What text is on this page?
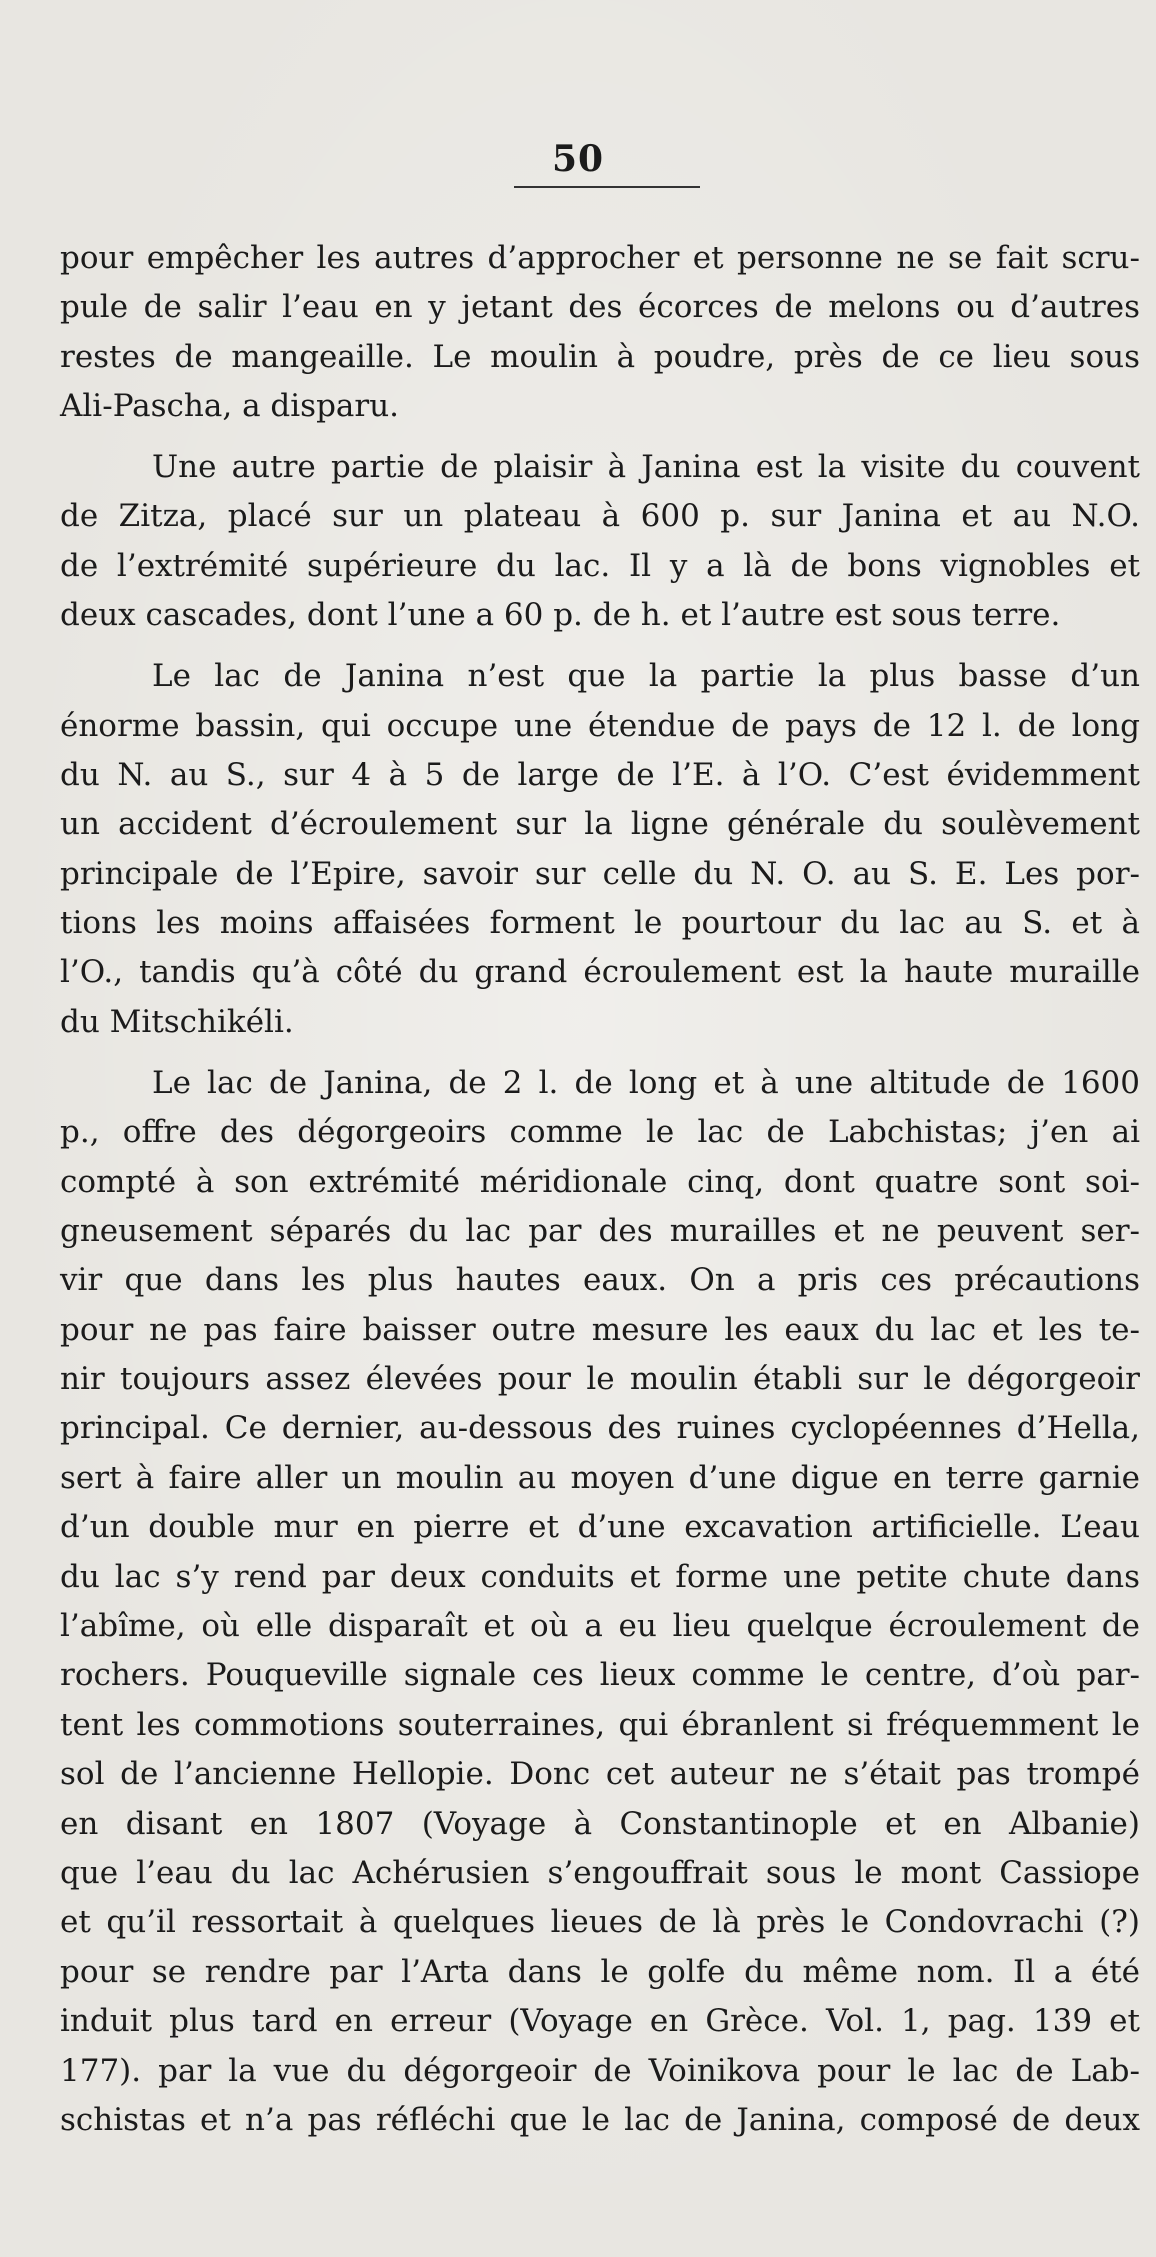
50

pour empêcher les autres d’approcher et personne ne se fait scru-
pule de salir l’eau en y jetant des écorces de melons ou d’autres
restes de mangeaille. Le moulin à poudre, près de ce lieu sous
Ali-Pascha, a disparu.

Une autre partie de plaisir à Janina est la visite du couvent
de Zitza, placé sur un plateau à 600 p. sur Janina et au N.O.
de l’extrémité supérieure du lac. Il y a là de bons vignobles et
deux cascades, dont l’une a 60 p. de h. et l’autre est sous terre.

Le lac de Janina n’est que la partie la plus basse d’un
énorme bassin, qui occupe une étendue de pays de 12 l. de long
du N. au S., sur 4 à 5 de large de l’E. à l’O. C’est évidemment
un accident d’écroulement sur la ligne générale du soulèvement
principale de l’Epire, savoir sur celle du N. O. au S. E. Les por-
tions les moins affaisées forment le pourtour du lac au S. et à
l’O., tandis qu’à côté du grand écroulement est la haute muraille
du Mitschikéli.

Le lac de Janina, de 2 l. de long et à une altitude de 1600
p., offre des dégorgeoirs comme le lac de Labchistas; j’en ai
compté à son extrémité méridionale cinq, dont quatre sont soi-
gneusement séparés du lac par des murailles et ne peuvent ser-
vir que dans les plus hautes eaux. On a pris ces précautions
pour ne pas faire baisser outre mesure les eaux du lac et les te-
nir toujours assez élevées pour le moulin établi sur le dégorgeoir
principal. Ce dernier, au-dessous des ruines cyclopéennes d’Hella,
sert à faire aller un moulin au moyen d’une digue en terre garnie
d’un double mur en pierre et d’une excavation artificielle. L’eau
du lac s’y rend par deux conduits et forme une petite chute dans
l’abîme, où elle disparaît et où a eu lieu quelque écroulement de
rochers. Pouqueville signale ces lieux comme le centre, d’où par-
tent les commotions souterraines, qui ébranlent si fréquemment le
sol de l’ancienne Hellopie. Donc cet auteur ne s’était pas trompé
en disant en 1807 (Voyage à Constantinople et en Albanie)
que l’eau du lac Achérusien s’engouffrait sous le mont Cassiope
et qu’il ressortait à quelques lieues de là près le Condovrachi (?)
pour se rendre par l’Arta dans le golfe du même nom. Il a été
induit plus tard en erreur (Voyage en Grèce. Vol. 1, pag. 139 et
177). par la vue du dégorgeoir de Voinikova pour le lac de Lab-
schistas et n’a pas réfléchi que le lac de Janina, composé de deux
